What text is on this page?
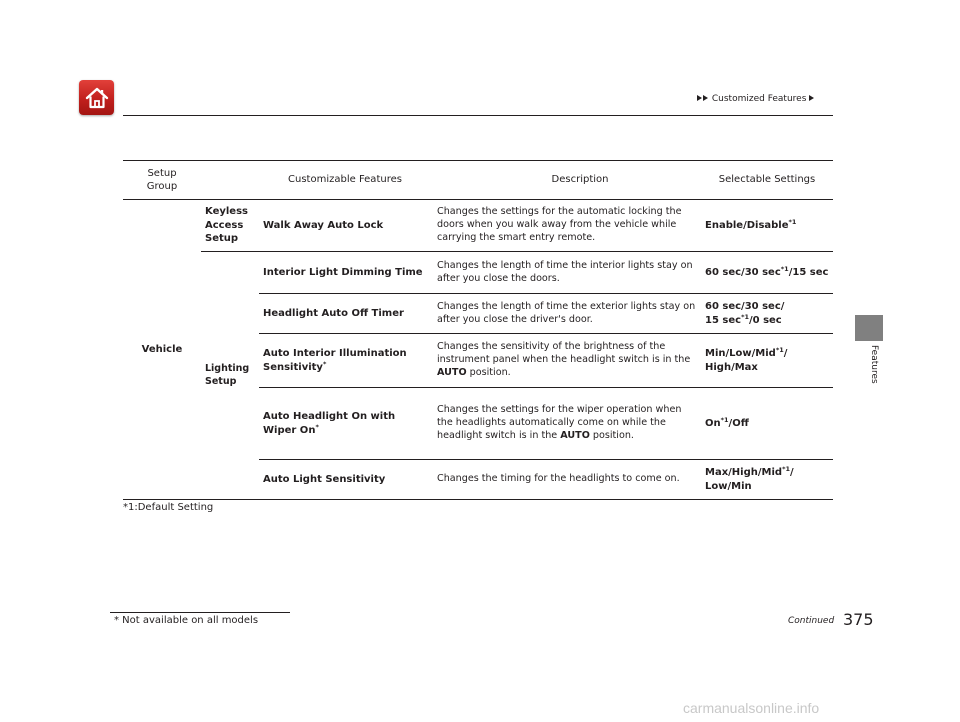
Customized Features
Features
Setup Group	Customizable Features		Description	Selectable Settings
Vehicle	Keyless Access Setup	Walk Away Auto Lock	Changes the settings for the automatic locking the doors when you walk away from the vehicle while carrying the smart entry remote.	Enable/Disable$^{*1}$
	Lighting Setup	Interior Light Dimming Time	Changes the length of time the interior lights stay on after you close the doors.	60 sec/30 $\sec^{*1}/15$ sec
		Headlight Auto Off Timer	Changes the length of time the exterior lights stay on after you close the driver's door.	60 sec/30 sec/
15 $\sec^{*1}/0$ sec
		Auto Interior Illumination Sensitivity*	Changes the sensitivity of the brightness of the instrument panel when the headlight switch is in the AUTO position.	Min/Low/Mid$^{*1}$/
High/Max
		Auto Headlight On with Wiper On*	Changes the settings for the wiper operation when the headlights automatically come on while the headlight switch is in the AUTO position.	On$^{*1}$/Off
		Auto Light Sensitivity	Changes the timing for the headlights to come on.	Max/High/Mid$^{*1}$/
Low/Min
*1:Default Setting
* Not available on all models	Continued 375
carmanualsonline.info
